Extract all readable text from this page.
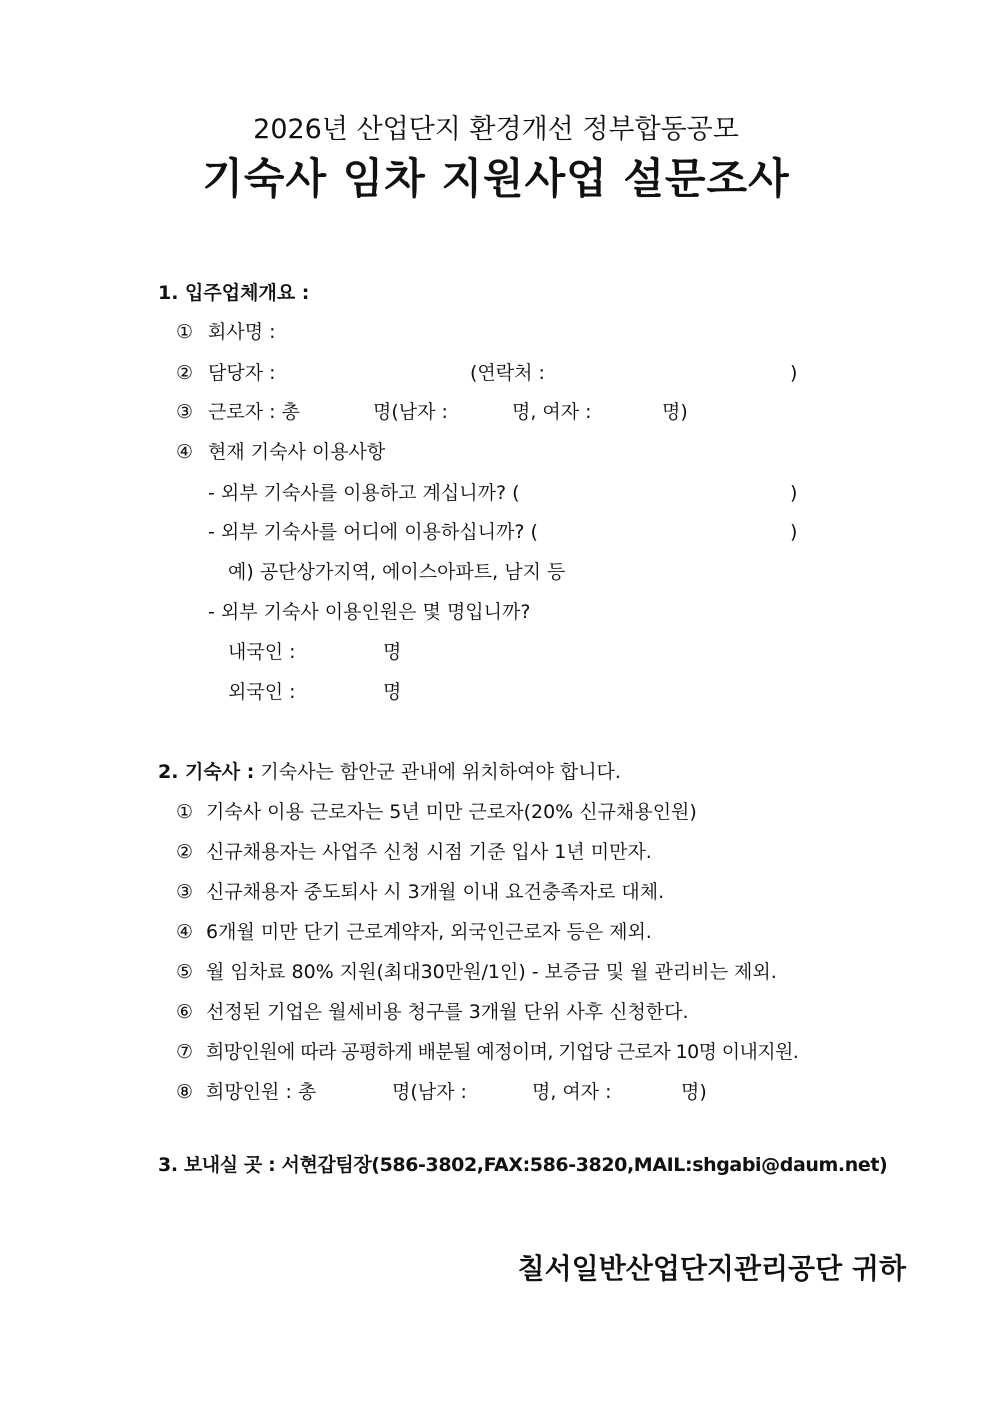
2026년 산업단지 환경개선 정부합동공모
기숙사 임차 지원사업 설문조사
1. 입주업체개요 :
① 회사명 :
② 담당자 :	(연락처 :	)
③ 근로자 : 총	명(남자 :	명, 여자 :	명)
④ 현재 기숙사 이용사항
- 외부 기숙사를 이용하고 계십니까? (	)
- 외부 기숙사를 어디에 이용하십니까? (	)
예) 공단상가지역, 에이스아파트, 남지 등
- 외부 기숙사 이용인원은 몇 명입니까?
내국인 :	명
외국인 :	명
2. 기숙사 : 기숙사는 함안군 관내에 위치하여야 합니다.
① 기숙사 이용 근로자는 5년 미만 근로자(20% 신규채용인원)
② 신규채용자는 사업주 신청 시점 기준 입사 1년 미만자.
③ 신규채용자 중도퇴사 시 3개월 이내 요건충족자로 대체.
④ 6개월 미만 단기 근로계약자, 외국인근로자 등은 제외.
⑤ 월 임차료 80% 지원(최대30만원/1인) - 보증금 및 월 관리비는 제외.
⑥ 선정된 기업은 월세비용 청구를 3개월 단위 사후 신청한다.
⑦ 희망인원에 따라 공평하게 배분될 예정이며, 기업당 근로자 10명 이내지원.
⑧ 희망인원 : 총	명(남자 :	명, 여자 :	명)
3. 보내실 곳 : 서현갑팀장(586-3802,FAX:586-3820,MAIL:shgabi@daum.net)
칠서일반산업단지관리공단 귀하
